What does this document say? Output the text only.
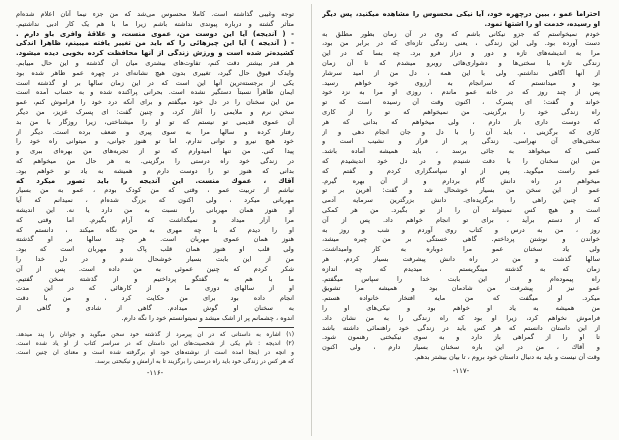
توجه وغیبی گذاشته است. کاملا محسوس می‌شد که من جزء نیما آنان اعلام شده‌ام
متأثر گشته و درباره پیوندی نداشته باشم زیرا ما با هم یک کار ادبی نداشتیم.
- ( آندیجه) آیا این دوست من، عموی منست، و علاقهٔ وافری باو دارم .
- ( آندیجه ) آیا این چیزهائی را که باید من تغییر یافته میبینم، ظاهراً اندکی
کشیده‌تر شده است و ورزش زندگی از آنها محافظت کرده بخوبی دیده میشود.
هر قدر بیشتر دقت کنم، تفاوت‌های بیشتری میان آن گذشته و این حال مییابم.
وایدک قیوق حال گیرد، تغییری بدون هیچ نشانه‌ای در چهره عمو ظاهر شده بود
یکی از برجسته‌ترین آنها این است که در این زمان سالها بر او گذشته است
ایمان ظاهراً نسبتاً دستگیر نشده است. بحرانی پراکنده شده و به حساب آمده است
من این سخنان را در دل خود میگفتم و برای آنکه درد خود را فراموش کنم، عمو
سخن نرم و ملایمی را آغاز کرد، و چنین گفت: ای پسرک عزیز، من دیگر
آن عموی قدیمی تو نیستم که تو او را میشناختی، زیرا روزگار با من بد
رفتار کرده و سالها مرا به سوی پیری و ضعف برده است. دیگر از
خود هیچ نیرو و توانی ندارم. اما تو هنوز جوانی، و میتوانی راه خود را
پیدا کنی. من تنها امیدوارم که تو از تجربه‌های من بهره‌ای ببری و
در زندگی خود راه درستی را برگزینی. به هر حال من میخواهم که
بدانی که هنوز تو را دوست دارم و همیشه به یاد تو خواهم بود.
آقاك ، عموك منست. این آندیجه را باید تصور میکرد که
نباشم از تربیت عمو ، وقتی که من کودک بودم ، عمو به من بسیار
مهربانی میکرد ، ولی اکنون که بزرگ شده‌ام ، نمیدانم که آیا
او هنوز همان مهربانی را نسبت به من دارد یا نه. این اندیشه
مرا آزار میداد و نمیگذاشت که آرام بگیرم. اما وقتی که
او را دیدم که با چه مهری به من نگاه میکند ، دانستم که
هنوز همان عموی مهربان است. هر چند سالها بر او گذشته
ولی قلب او هنوز همان قلب پاک و مهربان است که بود.
من از این بابت بسیار خوشحال شدم و در دل خدا را
شکر کردم که چنین عموئی به من داده است. پس از آن
ما با هم به گفتگو پرداختیم و از گذشته سخن گفتیم.
او از سالهای دوری ما و از کارهائی که در این مدت
انجام داده بود برای من حکایت کرد ، و من با دقت
به سخنان او گوش میدادم. گاهی از شادی و گاهی از
اندوه ، چشمانم پر از اشک میشد و نمیتوانستم خود را نگه دارم.
(۱) اشاره به داستانی که در آن پیرمرد از گذشته خود سخن میگوید و جوانان را پند میدهد.
(۲) آندیجه : نام یکی از شخصیت‌های این داستان که در سراسر کتاب از او یاد شده است.
و آنچه در اینجا آمده است از نوشته‌های خود او برگرفته شده است و معنای آن چنین است.
که هر کس در زندگی خود باید راه درستی را برگزیند تا به آرامش و نیکبختی برسد.
-۱۱۶-
احتراماً عمو ، ببین درچهره خود، آیا نیکی محسوس را مشاهده میکنید، پس دیگر
او رسیده، خدمت او را اشتها نمود.
خودم نمیخواستم که جزو نیکانی باشم که وی در آن زمان بطور مطلق به
دست آورده بود. ولی این زندگی ، یعنی زندگی تازه‌ای که در برابر من بود،
مرا به اندیشه‌های تازه و دور و دراز فرو برد. چه بسا که در این
زندگی تازه با سختی‌ها و دشواری‌هائی روبرو میشدم که تا آن زمان
از آنها آگاهی نداشتم. ولی با این همه ، دل من از امید سرشار
بود و میدانستم که سرانجام به آرزوی خود خواهم رسید.
پس از چند روز که در خانه عمو ماندم ، روزی او مرا به نزد خود
خواند و گفت: ای پسرک ، اکنون وقت آن رسیده است که تو
راه زندگی خود را برگزینی. من نمیخواهم که تو را از کاری
که دوست داری باز دارم ، ولی میخواهم که بدانی که هر
کاری که برگزینی ، باید آن را با دل و جان انجام دهی و از
سختی‌های آن نهراسی. زندگی پر از فراز و نشیب است و
کسی که میخواهد به جائی برسد ، باید همیشه آماده باشد.
من این سخنان را با دقت شنیدم و در دل خود اندیشیدم که
عمو راست میگوید. پس از او سپاسگزاری کردم و گفتم که
میخواهم در راه دانش گام بردارم و از آن بهره گیرم.
عمو از این سخن من بسیار خوشحال شد و گفت: آفرین بر تو
که چنین راهی را برگزیده‌ای. دانش بزرگترین سرمایه آدمی
است و هیچ کس نمیتواند آن را از تو بگیرد. من هر کمکی
که از دستم برآید ، برای تو انجام خواهم داد. پس از آن
روز ، من به درس و کتاب روی آوردم و شب و روز به
خواندن و نوشتن پرداختم. گاهی خستگی بر من چیره میشد،
ولی یاد سخنان عمو مرا دوباره به کار وامیداشت.
سالها گذشت و من در راه دانش پیشرفت بسیار کردم. هر
زمان که به گذشته مینگریستم ، میدیدم که چه اندازه
راه پیموده‌ام و از این بابت خدا را سپاس میگفتم.
عمو نیز از پیشرفت من شادمان بود و همیشه مرا تشویق
میکرد. او میگفت که من مایه افتخار خانواده هستم.
من همیشه به یاد او خواهم بود و نیکی‌های او را
فراموش نخواهم کرد، زیرا او بود که راه زندگی را به من نشان داد.
از این داستان دانستم که هر کس باید در زندگی خود راهنمائی داشته باشد
تا او را از گمراهی باز دارد و به سوی نیکبختی رهنمون شود.
و آقاك ، من در این باره سخنان بسیار دارم ، ولی اکنون
وقت آن نیست و باید به دنبال داستان خود بروم ، تا بیان بیشتر بدهم.
-۱۱۷-
